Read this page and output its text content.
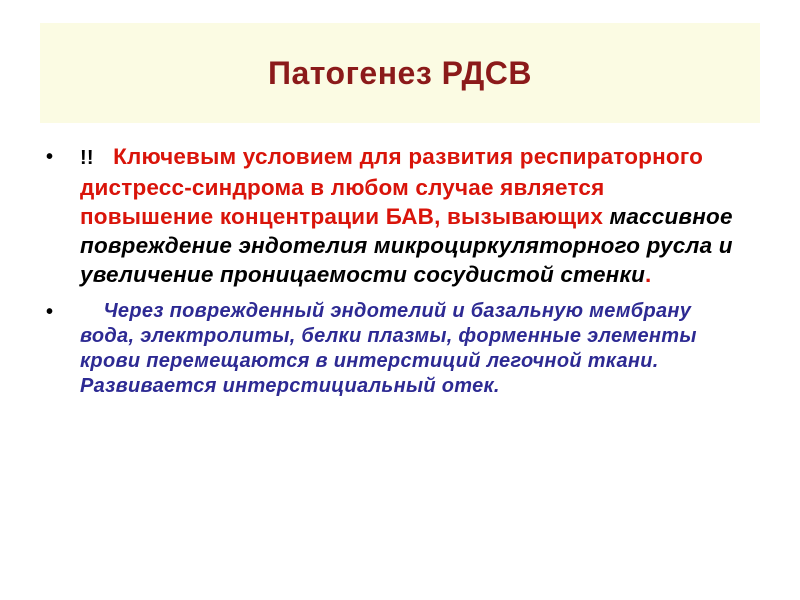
Патогенез РДСВ
• !! Ключевым условием для развития респираторного дистресс-синдрома в любом случае является повышение концентрации БАВ, вызывающих массивное повреждение эндотелия микроциркуляторного русла и увеличение проницаемости сосудистой стенки.
•	Через поврежденный эндотелий и базальную мембрану вода, электролиты, белки плазмы, форменные элементы крови перемещаются в интерстиций легочной ткани. Развивается интерстициальный отек.
